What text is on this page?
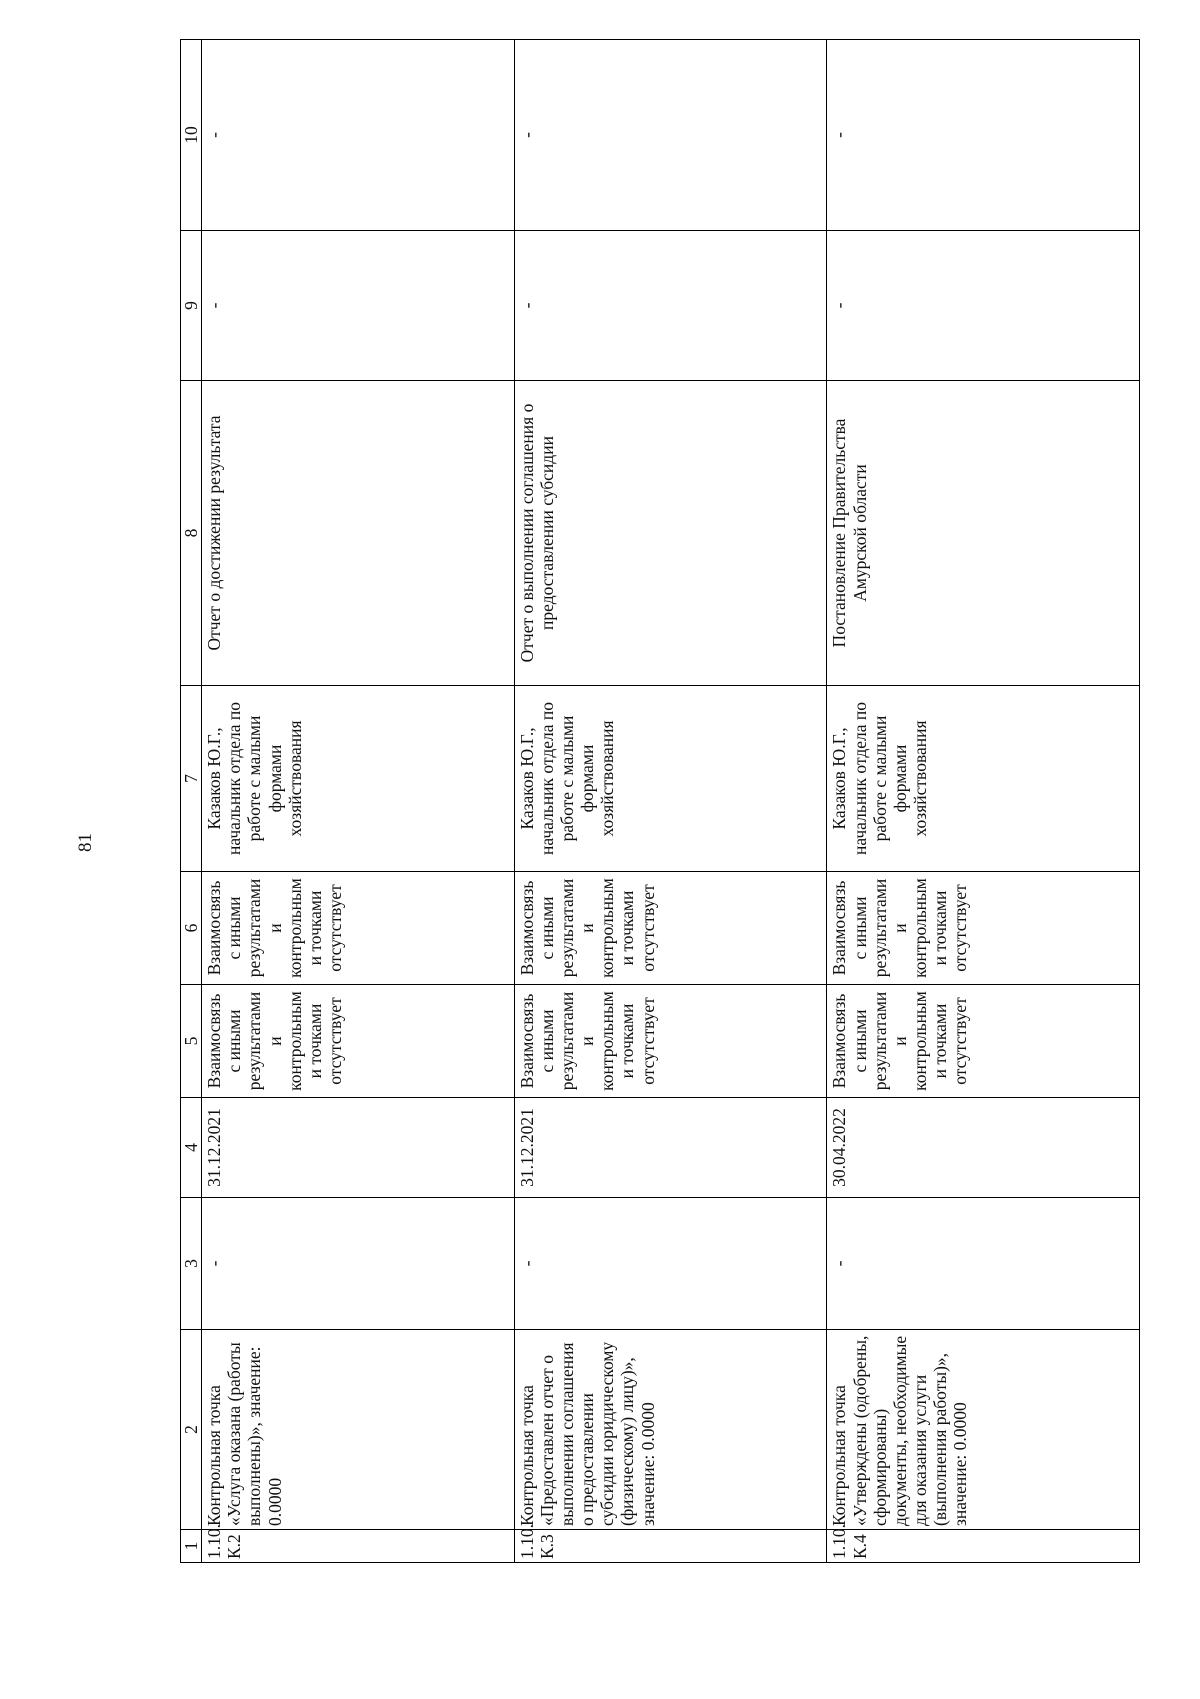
81
1	2	3	4	5	6	7	8	9	10
1.10. К.2	Контрольная точка «Услуга оказана (работы выполнены)», значение: 0.0000	-	31.12.2021	Взаимосвязь с иными результатами и контрольным и точками отсутствует	Взаимосвязь с иными результатами и контрольным и точками отсутствует	Казаков Ю.Г., начальник отдела по работе с малыми формами хозяйствования	Отчет о достижении результата	-	-
1.10. К.3	Контрольная точка «Предоставлен отчет о выполнении соглашения о предоставлении субсидии юридическому (физическому) лицу)», значение: 0.0000	-	31.12.2021	Взаимосвязь с иными результатами и контрольным и точками отсутствует	Взаимосвязь с иными результатами и контрольным и точками отсутствует	Казаков Ю.Г., начальник отдела по работе с малыми формами хозяйствования	Отчет о выполнении соглашения о предоставлении субсидии	-	-
1.10. К.4	Контрольная точка «Утверждены (одобрены, сформированы) документы, необходимые для оказания услуги (выполнения работы)», значение: 0.0000	-	30.04.2022	Взаимосвязь с иными результатами и контрольным и точками отсутствует	Взаимосвязь с иными результатами и контрольным и точками отсутствует	Казаков Ю.Г., начальник отдела по работе с малыми формами хозяйствования	Постановление Правительства Амурской области	-	-
